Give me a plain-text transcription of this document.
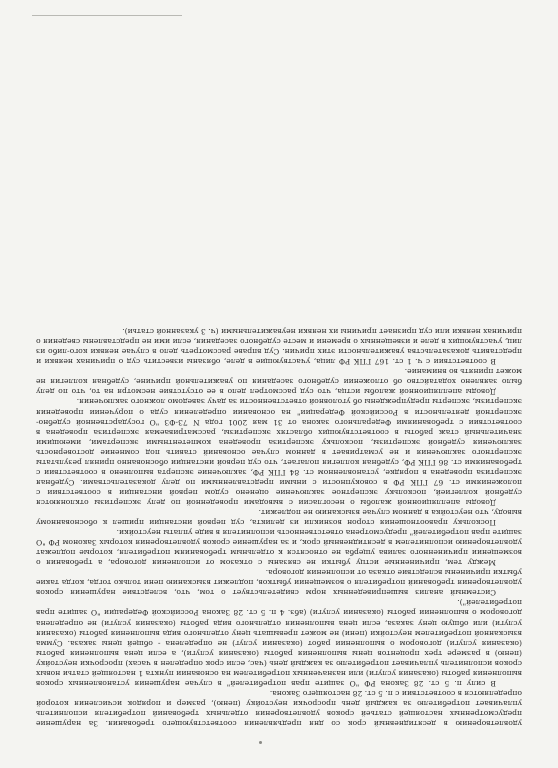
удовлетворению в десятидневный срок со дня предъявления соответствующего требования. За нарушение предусмотренных настоящей статьей сроков удовлетворения отдельных требований потребителя исполнитель уплачивает потребителю за каждый день просрочки неустойку (пеню), размер и порядок исчисления которой определяются в соответствии с п. 5 ст. 28 настоящего Закона.

В силу п. 5 ст. 28 Закона РФ "О защите прав потребителей" в случае нарушения установленных сроков выполнения работы (оказания услуги) или назначенных потребителем на основании пункта 1 настоящей статьи новых сроков исполнитель уплачивает потребителю за каждый день (час, если срок определен в часах) просрочки неустойку (пеню) в размере трех процентов цены выполнения работы (оказания услуги), а если цена выполнения работы (оказания услуги) договором о выполнении работ (оказании услуг) не определена - общей цены заказа. Сумма взысканной потребителем неустойки (пени) не может превышать цену отдельного вида выполнения работы (оказания услуги) или общую цену заказа, если цена выполнения отдельного вида работы (оказания услуги) не определена договором о выполнении работы (оказании услуги) (абз. 4 п. 5 ст. 28 Закона Российской Федерации "О защите прав потребителей").

Системный анализ вышеприведенных норм свидетельствует о том, что, вследствие нарушения сроков удовлетворения требований потребителя о возмещении убытков, подлежит взысканию пени только тогда, когда такие убытки причинены вследствие отказа от исполнения договора.

Между тем, причиненные истцу убытки не связаны с отказом от исполнения договора, а требования о возмещении причиненного залива ущерба не относятся к отдельным требованиям потребителя, которые подлежат удовлетворению исполнителем в десятидневный срок, и за нарушение сроков удовлетворения которых Законом РФ "О защите прав потребителей" предусмотрена ответственность исполнителя в виде уплаты неустойки.

Поскольку правоотношения сторон возникли из деликта, суд первой инстанции пришел к обоснованному выводу, что неустойка в данном случае взысканию не подлежит.

Доводы апелляционной жалобы о несогласии с выводами проведенной по делу экспертизы отклоняются судебной коллегией, поскольку экспертное заключение оценено судом первой инстанции в соответствии с положениями ст. 67 ГПК РФ в совокупности с иными представленными по делу доказательствами. Судебная экспертиза проведена в порядке, установленном ст. 84 ГПК РФ, заключение эксперта выполнено в соответствии с требованиями ст. 86 ГПК РФ, судебная коллегия полагает, что суд первой инстанции обоснованно принял результаты экспертного заключения и не усматривает в данном случае оснований ставить под сомнение достоверность заключения судебной экспертизы, поскольку экспертиза проведена компетентными экспертами, имеющими значительный стаж работы в соответствующих областях экспертизы, рассматриваемая экспертиза проведена в соответствии с требованиями Федерального закона от 31 мая 2001 года N 73-ФЗ "О государственной судебно-экспертной деятельности в Российской Федерации" на основании определения суда о поручении проведения экспертизы, эксперты предупреждены об уголовной ответственности за дачу заведомо ложного заключения.

Доводы апелляционной жалобы истца, что суд рассмотрел дело в ее отсутствие несмотря на то, что по делу было заявлено ходатайство об отложении судебного заседания по уважительной причине, судебная коллегия не может принять во внимание.

В соответствии с ч. 1 ст. 167 ГПК РФ лица, участвующие в деле, обязаны известить суд о причинах неявки и представить доказательства уважительности этих причин. Суд вправе рассмотреть дело в случае неявки кого-либо из лиц, участвующих в деле и извещенных о времени и месте судебного заседания, если ими не представлены сведения о причинах неявки или суд признает причины их неявки неуважительными (ч. 3 указанной статьи).
